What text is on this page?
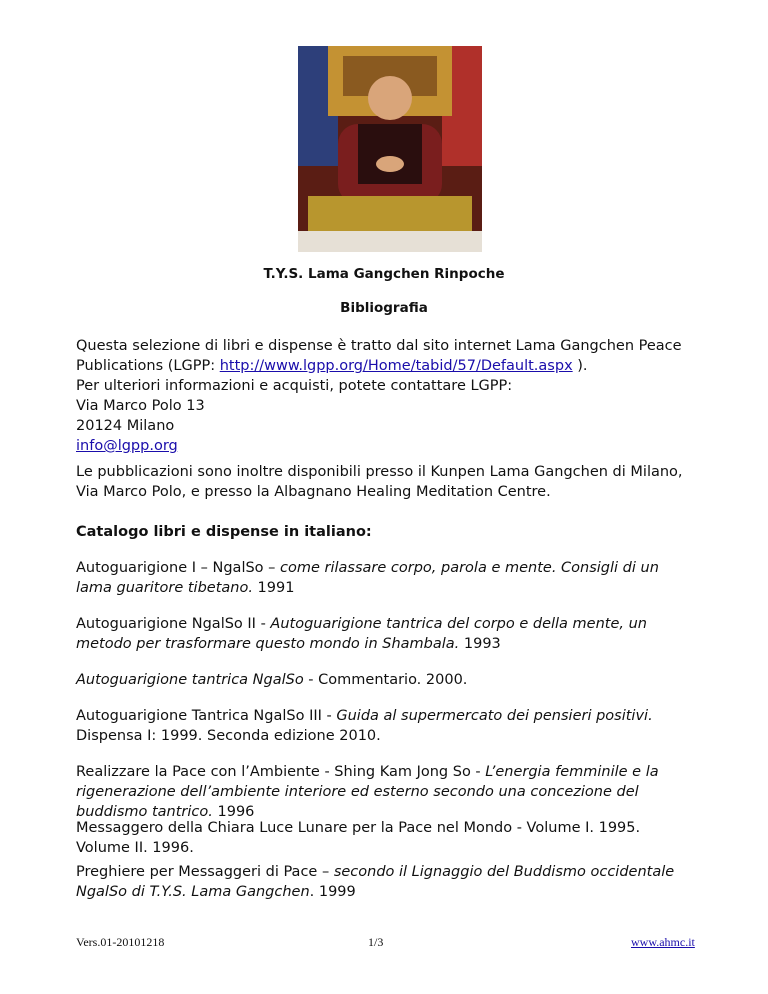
T.Y.S. Lama Gangchen Rinpoche
Bibliografia

Questa selezione di libri e dispense è tratto dal sito internet Lama Gangchen Peace
Publications (LGPP: http://www.lgpp.org/Home/tabid/57/Default.aspx ).
Per ulteriori informazioni e acquisti, potete contattare LGPP:
Via Marco Polo 13
20124 Milano
info@lgpp.org

Le pubblicazioni sono inoltre disponibili presso il Kunpen Lama Gangchen di Milano,
Via Marco Polo, e presso la Albagnano Healing Meditation Centre.

Catalogo libri e dispense in italiano:

Autoguarigione I – NgalSo – come rilassare corpo, parola e mente. Consigli di un lama guaritore tibetano. 1991

Autoguarigione NgalSo II - Autoguarigione tantrica del corpo e della mente, un metodo per trasformare questo mondo in Shambala. 1993

Autoguarigione tantrica NgalSo - Commentario. 2000.

Autoguarigione Tantrica NgalSo III - Guida al supermercato dei pensieri positivi. Dispensa I: 1999. Seconda edizione 2010.

Realizzare la Pace con l’Ambiente - Shing Kam Jong So - L’energia femminile e la rigenerazione dell’ambiente interiore ed esterno secondo una concezione del buddismo tantrico. 1996

Messaggero della Chiara Luce Lunare per la Pace nel Mondo - Volume I. 1995. Volume II. 1996.

Vers.01-20101218	1/3	www.ahmc.it

Preghiere per Messaggeri di Pace – secondo il Lignaggio del Buddismo occidentale NgalSo di T.Y.S. Lama Gangchen. 1999
